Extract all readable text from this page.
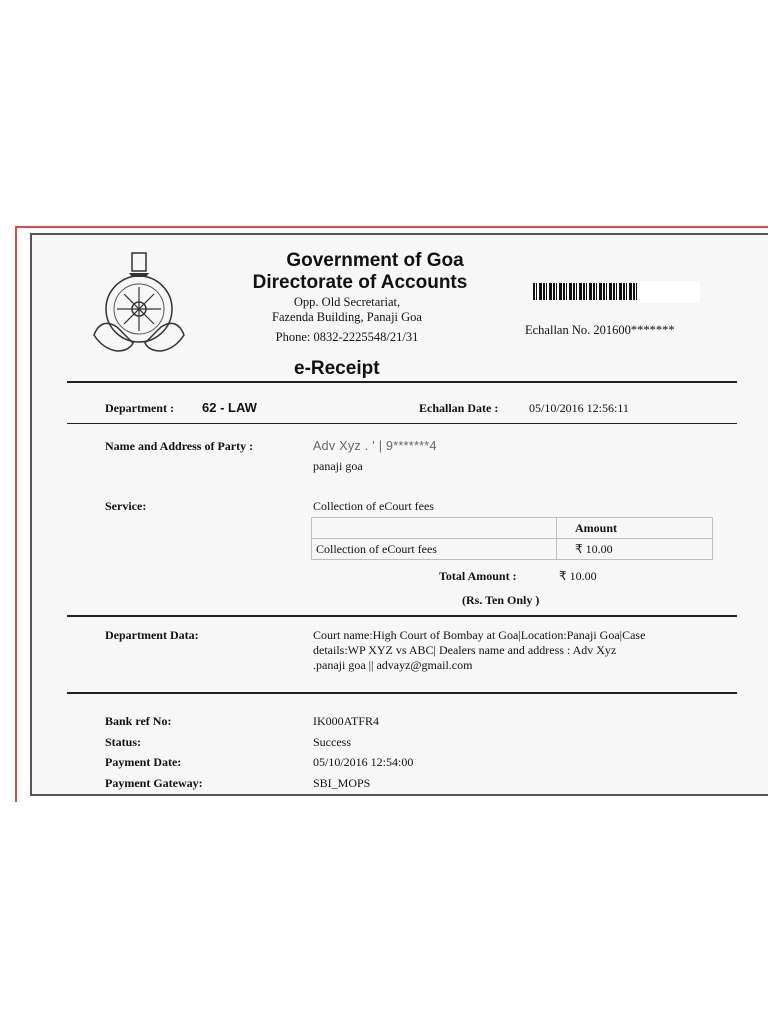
Government of Goa
Directorate of Accounts
Opp. Old Secretariat,
Fazenda Building, Panaji Goa
Phone: 0832-2225548/21/31	Echallan No. 201600*******
e-Receipt
Department : 62 - LAW	Echallan Date :	05/10/2016 12:56:11
Name and Address of Party :	Adv Xyz . ' | 9*******4
panaji goa
Service:	Collection of eCourt fees
	Amount
Collection of eCourt fees	₹ 10.00
Total Amount :	₹ 10.00
(Rs. Ten Only )
Department Data:	Court name:High Court of Bombay at Goa|Location:Panaji Goa|Case
details:WP XYZ vs ABC| Dealers name and address : Adv Xyz
.panaji goa || advayz@gmail.com
Bank ref No:	IK000ATFR4
Status:	Success
Payment Date:	05/10/2016 12:54:00
Payment Gateway:	SBI_MOPS
